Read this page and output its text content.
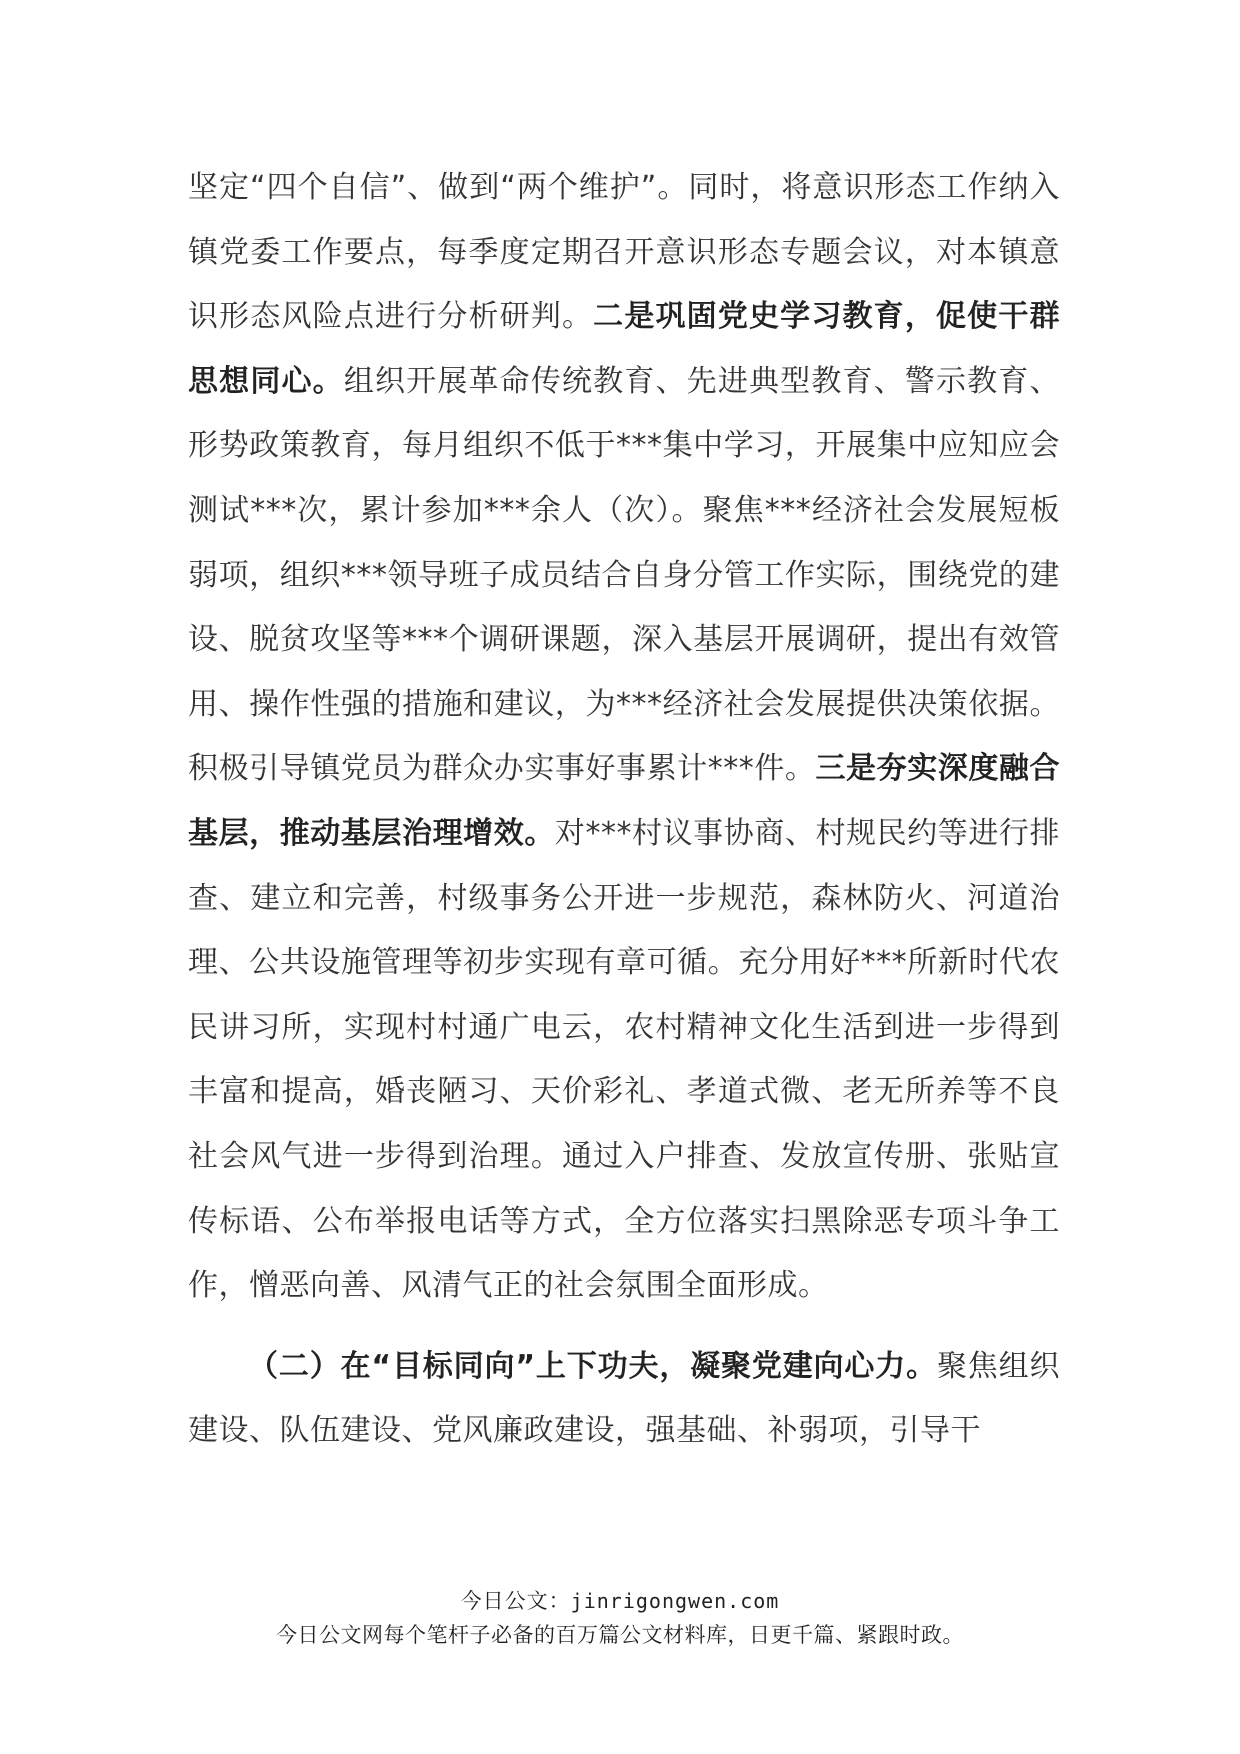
坚定“四个自信”、做到“两个维护”。同时，将意识形态工作纳入镇党委工作要点，每季度定期召开意识形态专题会议，对本镇意识形态风险点进行分析研判。二是巩固党史学习教育，促使干群思想同心。组织开展革命传统教育、先进典型教育、警示教育、形势政策教育，每月组织不低于***集中学习，开展集中应知应会测试***次，累计参加***余人（次）。聚焦***经济社会发展短板弱项，组织***领导班子成员结合自身分管工作实际，围绕党的建设、脱贫攻坚等***个调研课题，深入基层开展调研，提出有效管用、操作性强的措施和建议，为***经济社会发展提供决策依据。积极引导镇党员为群众办实事好事累计***件。三是夯实深度融合基层，推动基层治理增效。对***村议事协商、村规民约等进行排查、建立和完善，村级事务公开进一步规范，森林防火、河道治理、公共设施管理等初步实现有章可循。充分用好***所新时代农民讲习所，实现村村通广电云，农村精神文化生活到进一步得到丰富和提高，婚丧陋习、天价彩礼、孝道式微、老无所养等不良社会风气进一步得到治理。通过入户排查、发放宣传册、张贴宣传标语、公布举报电话等方式，全方位落实扫黑除恶专项斗争工作，憎恶向善、风清气正的社会氛围全面形成。

（二）在“目标同向”上下功夫，凝聚党建向心力。聚焦组织建设、队伍建设、党风廉政建设，强基础、补弱项，引导干

今日公文：jinrigongwen.com
今日公文网每个笔杆子必备的百万篇公文材料库，日更千篇、紧跟时政。
